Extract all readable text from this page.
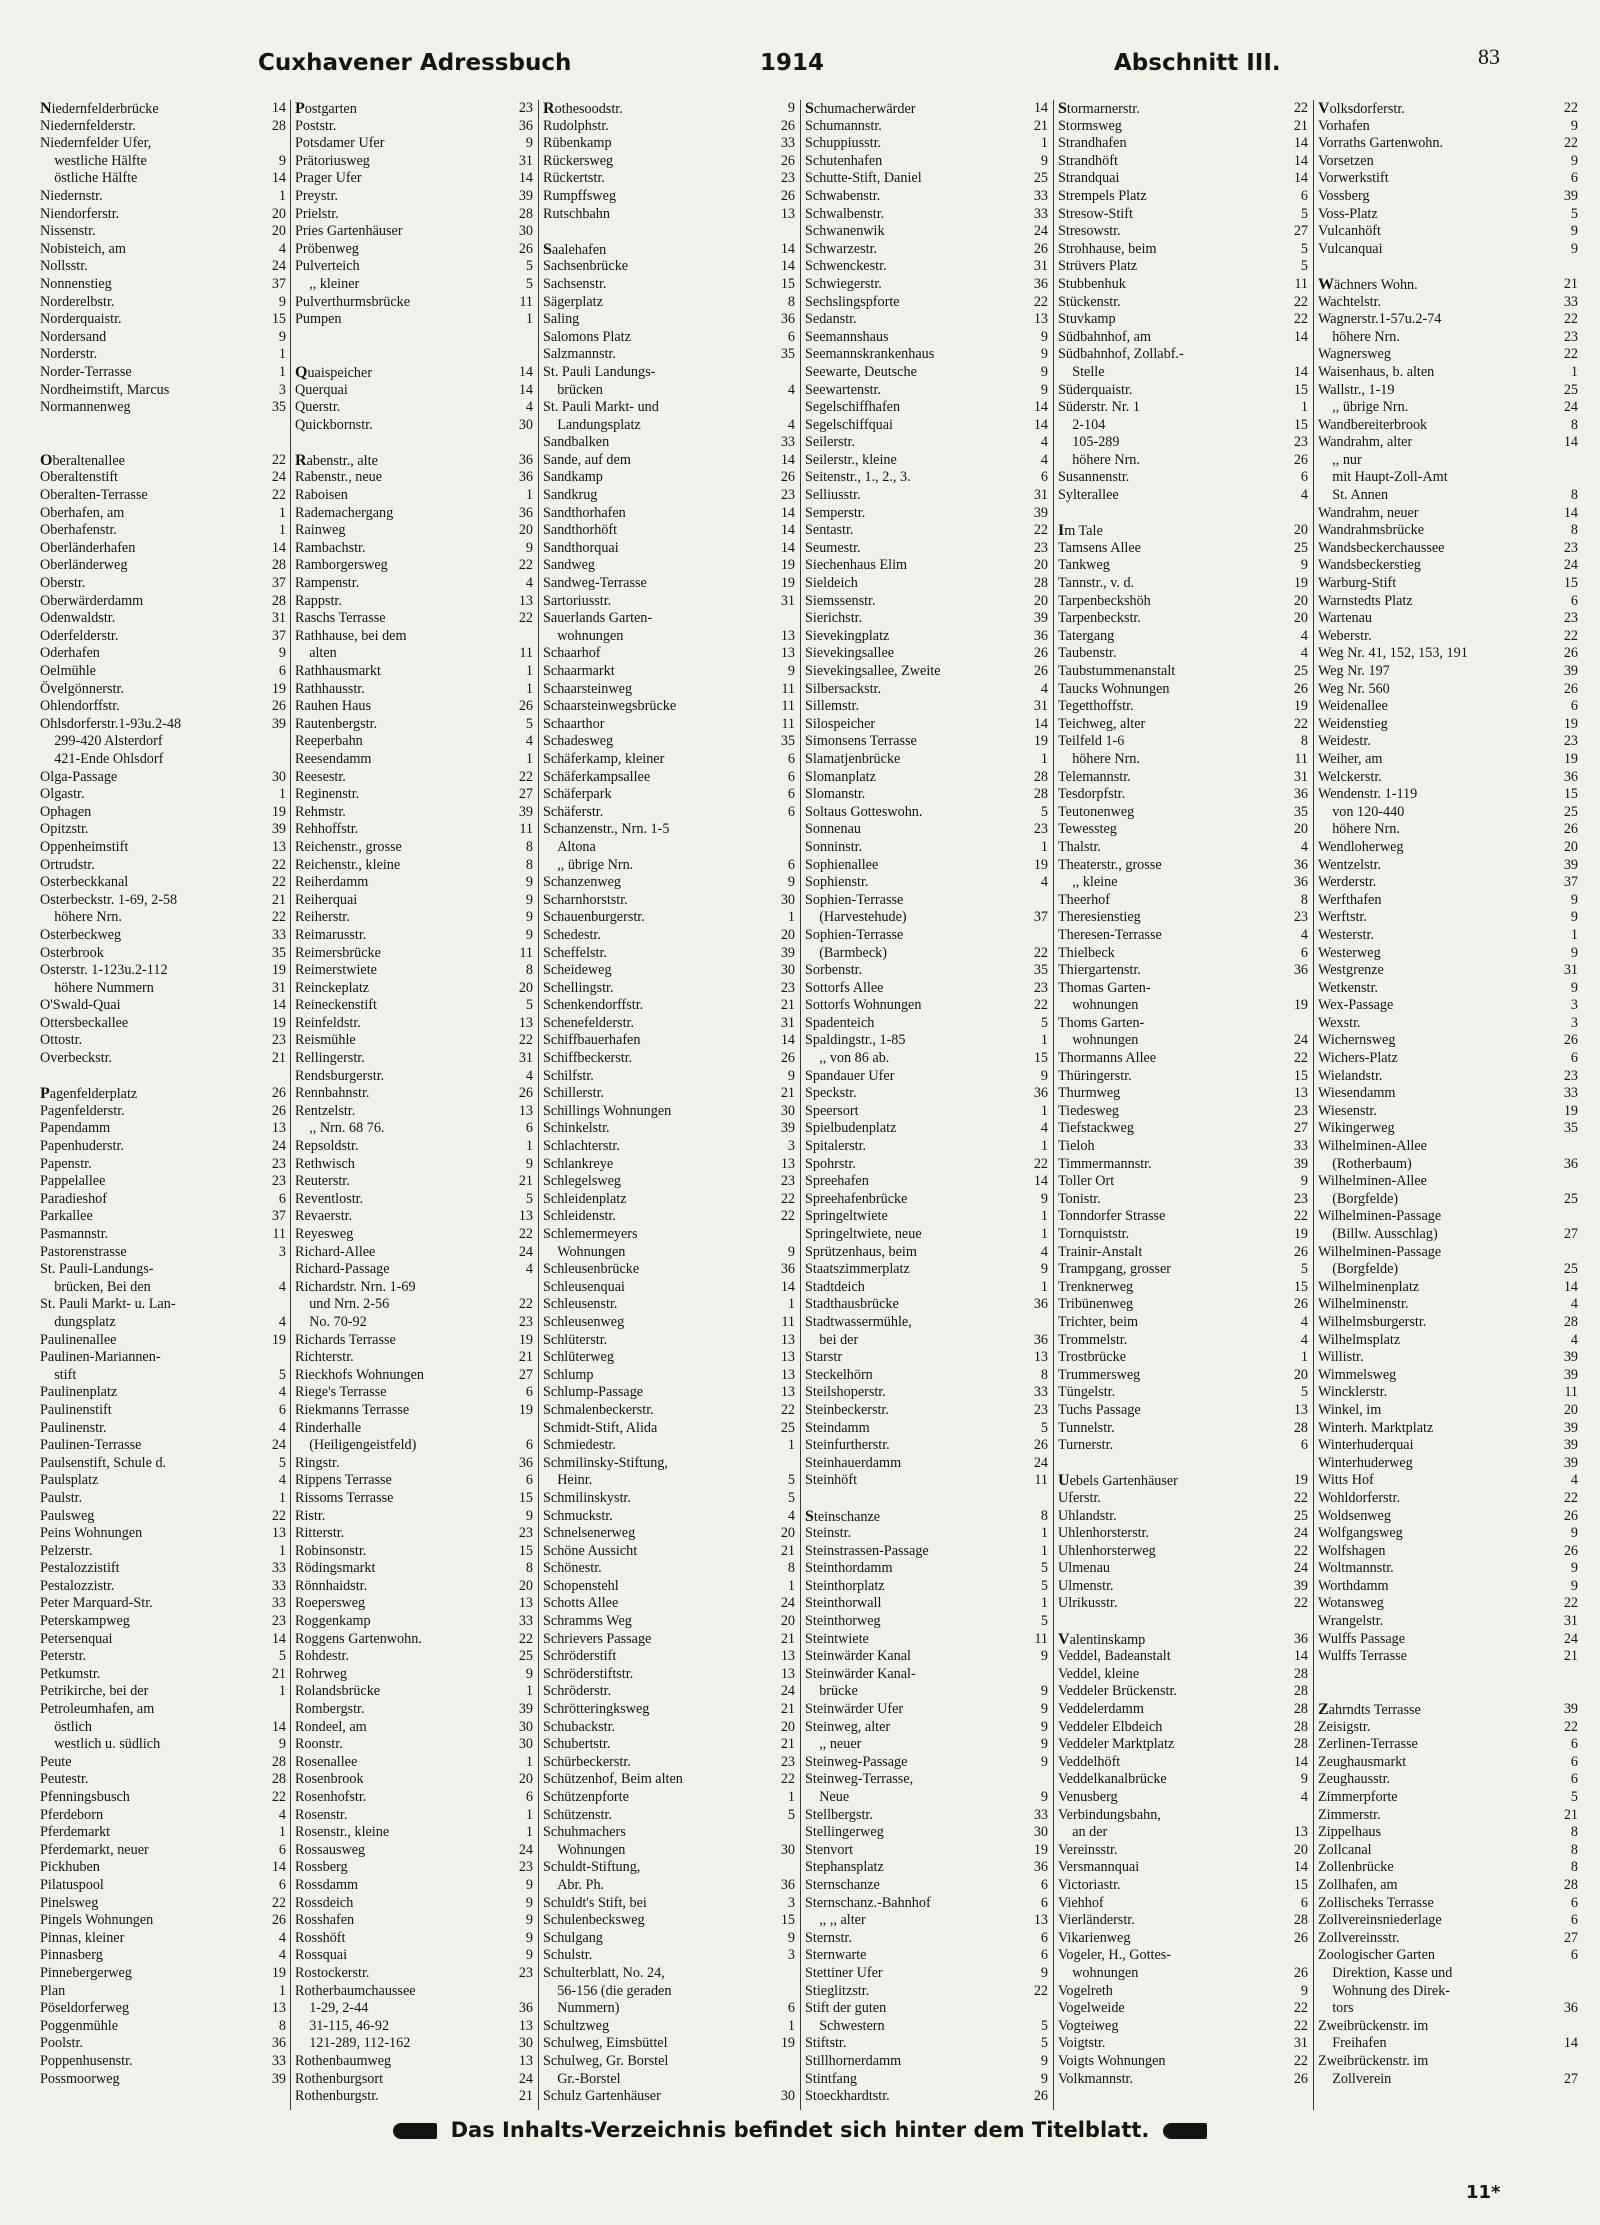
Cuxhavener Adressbuch	1914	Abschnitt III.	83
Niedernfelderbrücke	14
Niedernfelderstr.	28
Niedernfelder Ufer,
 westliche Hälfte	9
 östliche Hälfte	14
Niedernstr.	1
Niendorferstr.	20
Nissenstr.	20
Nobisteich, am	4
Nollsstr.	24
Nonnenstieg	37
Norderelbstr.	9
Norderquaistr.	15
Nordersand	9
Norderstr.	1
Norder-Terrasse	1
Nordheimstift, Marcus	3
Normannenweg	35
Oberaltenallee	22
Oberaltenstift	24
Oberalten-Terrasse	22
Oberhafen, am	1
Oberhafenstr.	1
Oberländerhafen	14
Oberländerweg	28
Oberstr.	37
Oberwärderdamm	28
Odenwaldstr.	31
Oderfelderstr.	37
Oderhafen	9
Oelmühle	6
Övelgönnerstr.	19
Ohlendorffstr.	26
Ohlsdorferstr.1-93u.2-48	39
 299-420 Alsterdorf
 421-Ende Ohlsdorf
Olga-Passage	30
Olgastr.	1
Ophagen	19
Opitzstr.	39
Oppenheimstift	13
Ortrudstr.	22
Osterbeckkanal	22
Osterbeckstr. 1-69, 2-58	21
 höhere Nrn.	22
Osterbeckweg	33
Osterbrook	35
Osterstr. 1-123u.2-112	19
 höhere Nummern	31
O'Swald-Quai	14
Ottersbeckallee	19
Ottostr.	23
Overbeckstr.	21
Pagenfelderplatz	26
Pagenfelderstr.	26
Papendamm	13
Papenhuderstr.	24
Papenstr.	23
Pappelallee	23
Paradieshof	6
Parkallee	37
Pasmannstr.	11
Pastorenstrasse	3
St. Pauli-Landungs-
 brücken, Bei den	4
St. Pauli Markt- u. Lan-
 dungsplatz	4
Paulinenallee	19
Paulinen-Mariannen-
 stift	5
Paulinenplatz	4
Paulinenstift	6
Paulinenstr.	4
Paulinen-Terrasse	24
Paulsenstift, Schule d.	5
Paulsplatz	4
Paulstr.	1
Paulsweg	22
Peins Wohnungen	13
Pelzerstr.	1
Pestalozzistift	33
Pestalozzistr.	33
Peter Marquard-Str.	33
Peterskampweg	23
Petersenquai	14
Peterstr.	5
Petkumstr.	21
Petrikirche, bei der	1
Petroleumhafen, am
 östlich	14
 westlich u. südlich	9
Peute	28
Peutestr.	28
Pfenningsbusch	22
Pferdeborn	4
Pferdemarkt	1
Pferdemarkt, neuer	6
Pickhuben	14
Pilatuspool	6
Pinelsweg	22
Pingels Wohnungen	26
Pinnas, kleiner	4
Pinnasberg	4
Pinnebergerweg	19
Plan	1
Pöseldorferweg	13
Poggenmühle	8
Poolstr.	36
Poppenhusenstr.	33
Possmoorweg	39
Postgarten	23
Poststr.	36
Potsdamer Ufer	9
Prätoriusweg	31
Prager Ufer	14
Preystr.	39
Prielstr.	28
Pries Gartenhäuser	30
Pröbenweg	26
Pulverteich	5
 ,, kleiner	5
Pulverthurmsbrücke	11
Pumpen	1
Quaispeicher	14
Querquai	14
Querstr.	4
Quickbornstr.	30
Rabenstr., alte	36
Rabenstr., neue	36
Raboisen	1
Rademachergang	36
Rainweg	20
Rambachstr.	9
Ramborgersweg	22
Rampenstr.	4
Rappstr.	13
Raschs Terrasse	22
Rathhause, bei dem
 alten	11
Rathhausmarkt	1
Rathhausstr.	1
Rauhen Haus	26
Rautenbergstr.	5
Reeperbahn	4
Reesendamm	1
Reesestr.	22
Reginenstr.	27
Rehmstr.	39
Rehhoffstr.	11
Reichenstr., grosse	8
Reichenstr., kleine	8
Reiherdamm	9
Reiherquai	9
Reiherstr.	9
Reimarusstr.	9
Reimersbrücke	11
Reimerstwiete	8
Reinckeplatz	20
Reineckenstift	5
Reinfeldstr.	13
Reismühle	22
Rellingerstr.	31
Rendsburgerstr.	4
Rennbahnstr.	26
Rentzelstr.	13
 ,, Nrn. 68 76.	6
Repsoldstr.	1
Rethwisch	9
Reuterstr.	21
Reventlostr.	5
Revaerstr.	13
Reyesweg	22
Richard-Allee	24
Richard-Passage	4
Richardstr. Nrn. 1-69
 und Nrn. 2-56	22
 No. 70-92	23
Richards Terrasse	19
Richterstr.	21
Rieckhofs Wohnungen	27
Riege's Terrasse	6
Riekmanns Terrasse	19
Rinderhalle
 (Heiligengeistfeld)	6
Ringstr.	36
Rippens Terrasse	6
Rissoms Terrasse	15
Ristr.	9
Ritterstr.	23
Robinsonstr.	15
Rödingsmarkt	8
Rönnhaidstr.	20
Roepersweg	13
Roggenkamp	33
Roggens Gartenwohn.	22
Rohdestr.	25
Rohrweg	9
Rolandsbrücke	1
Rombergstr.	39
Rondeel, am	30
Roonstr.	30
Rosenallee	1
Rosenbrook	20
Rosenhofstr.	6
Rosenstr.	1
Rosenstr., kleine	1
Rossausweg	24
Rossberg	23
Rossdamm	9
Rossdeich	9
Rosshafen	9
Rosshöft	9
Rossquai	9
Rostockerstr.	23
Rotherbaumchaussee
 1-29, 2-44	36
 31-115, 46-92	13
 121-289, 112-162	30
Rothenbaumweg	13
Rothenburgsort	24
Rothenburgstr.	21
Rothesoodstr.	9
Rudolphstr.	26
Rübenkamp	33
Rückersweg	26
Rückertstr.	23
Rumpffsweg	26
Rutschbahn	13
Saalehafen	14
Sachsenbrücke	14
Sachsenstr.	15
Sägerplatz	8
Saling	36
Salomons Platz	6
Salzmannstr.	35
St. Pauli Landungs-
 brücken	4
St. Pauli Markt- und
 Landungsplatz	4
Sandbalken	33
Sande, auf dem	14
Sandkamp	26
Sandkrug	23
Sandthorhafen	14
Sandthorhöft	14
Sandthorquai	14
Sandweg	19
Sandweg-Terrasse	19
Sartoriusstr.	31
Sauerlands Garten-
 wohnungen	13
Schaarhof	13
Schaarmarkt	9
Schaarsteinweg	11
Schaarsteinwegsbrücke	11
Schaarthor	11
Schadesweg	35
Schäferkamp, kleiner	6
Schäferkampsallee	6
Schäferpark	6
Schäferstr.	6
Schanzenstr., Nrn. 1-5
 Altona
 ,, übrige Nrn.	6
Schanzenweg	9
Scharnhorststr.	30
Schauenburgerstr.	1
Schedestr.	20
Scheffelstr.	39
Scheideweg	30
Schellingstr.	23
Schenkendorffstr.	21
Schenefelderstr.	31
Schiffbauerhafen	14
Schiffbeckerstr.	26
Schilfstr.	9
Schillerstr.	21
Schillings Wohnungen	30
Schinkelstr.	39
Schlachterstr.	3
Schlankreye	13
Schlegelsweg	23
Schleidenplatz	22
Schleidenstr.	22
Schlemermeyers
 Wohnungen	9
Schleusenbrücke	36
Schleusenquai	14
Schleusenstr.	1
Schleusenweg	11
Schlüterstr.	13
Schlüterweg	13
Schlump	13
Schlump-Passage	13
Schmalenbeckerstr.	22
Schmidt-Stift, Alida	25
Schmiedestr.	1
Schmilinsky-Stiftung,
 Heinr.	5
Schmilinskystr.	5
Schmuckstr.	4
Schnelsenerweg	20
Schöne Aussicht	21
Schönestr.	8
Schopenstehl	1
Schotts Allee	24
Schramms Weg	20
Schrievers Passage	21
Schröderstift	13
Schröderstiftstr.	13
Schröderstr.	24
Schrötteringksweg	21
Schubackstr.	20
Schubertstr.	21
Schürbeckerstr.	23
Schützenhof, Beim alten	22
Schützenpforte	1
Schützenstr.	5
Schuhmachers
 Wohnungen	30
Schuldt-Stiftung,
 Abr. Ph.	36
Schuldt's Stift, bei	3
Schulenbecksweg	15
Schulgang	9
Schulstr.	3
Schulterblatt, No. 24,
 56-156 (die geraden
 Nummern)	6
Schultzweg	1
Schulweg, Eimsbüttel	19
Schulweg, Gr. Borstel
 Gr.-Borstel
Schulz Gartenhäuser	30
Schumacherwärder	14
Schumannstr.	21
Schuppiusstr.	1
Schutenhafen	9
Schutte-Stift, Daniel	25
Schwabenstr.	33
Schwalbenstr.	33
Schwanenwik	24
Schwarzestr.	26
Schwenckestr.	31
Schwiegerstr.	36
Sechslingspforte	22
Sedanstr.	13
Seemannshaus	9
Seemannskrankenhaus	9
Seewarte, Deutsche	9
Seewartenstr.	9
Segelschiffhafen	14
Segelschiffquai	14
Seilerstr.	4
Seilerstr., kleine	4
Seitenstr., 1., 2., 3.	6
Selliusstr.	31
Semperstr.	39
Sentastr.	22
Seumestr.	23
Siechenhaus Elim	20
Sieldeich	28
Siemssenstr.	20
Sierichstr.	39
Sievekingplatz	36
Sievekingsallee	26
Sievekingsallee, Zweite	26
Silbersackstr.	4
Sillemstr.	31
Silospeicher	14
Simonsens Terrasse	19
Slamatjenbrücke	1
Slomanplatz	28
Slomanstr.	28
Soltaus Gotteswohn.	5
Sonnenau	23
Sonninstr.	1
Sophienallee	19
Sophienstr.	4
Sophien-Terrasse
 (Harvestehude)	37
Sophien-Terrasse
 (Barmbeck)	22
Sorbenstr.	35
Sottorfs Allee	23
Sottorfs Wohnungen	22
Spadenteich	5
Spaldingstr., 1-85	1
 ,, von 86 ab.	15
Spandauer Ufer	9
Speckstr.	36
Speersort	1
Spielbudenplatz	4
Spitalerstr.	1
Spohrstr.	22
Spreehafen	14
Spreehafenbrücke	9
Springeltwiete	1
Springeltwiete, neue	1
Sprützenhaus, beim	4
Staatszimmerplatz	9
Stadtdeich	1
Stadthausbrücke	36
Stadtwassermühle,
 bei der	36
Starstr	13
Steckelhörn	8
Steilshoperstr.	33
Steinbeckerstr.	23
Steindamm	5
Steinfurtherstr.	26
Steinhauerdamm	24
Steinhöft	11
Steinschanze	8
Steinstr.	1
Steinstrassen-Passage	1
Steinthordamm	5
Steinthorplatz	5
Steinthorwall	1
Steinthorweg	5
Steintwiete	11
Steinwärder Kanal	9
Steinwärder Kanal-
 brücke	9
Steinwärder Ufer	9
Steinweg, alter	9
 ,, neuer	9
Steinweg-Passage	9
Steinweg-Terrasse,
 Neue	9
Stellbergstr.	33
Stellingerweg	30
Stenvort	19
Stephansplatz	36
Sternschanze	6
Sternschanz.-Bahnhof	6
 ,, ,, alter	13
Sternstr.	6
Sternwarte	6
Stettiner Ufer	9
Stieglitzstr.	22
Stift der guten
 Schwestern	5
Stiftstr.	5
Stillhornerdamm	9
Stintfang	9
Stoeckhardtstr.	26
Stormarnerstr.	22
Stormsweg	21
Strandhafen	14
Strandhöft	14
Strandquai	14
Strempels Platz	6
Stresow-Stift	5
Stresowstr.	27
Strohhause, beim	5
Strüvers Platz	5
Stubbenhuk	11
Stückenstr.	22
Stuvkamp	22
Südbahnhof, am	14
Südbahnhof, Zollabf.-
 Stelle	14
Süderquaistr.	15
Süderstr. Nr. 1	1
 2-104	15
 105-289	23
 höhere Nrn.	26
Susannenstr.	6
Sylterallee	4
Im Tale	20
Tamsens Allee	25
Tankweg	9
Tannstr., v. d.	19
Tarpenbeckshöh	20
Tarpenbeckstr.	20
Tatergang	4
Taubenstr.	4
Taubstummenanstalt	25
Taucks Wohnungen	26
Tegetthoffstr.	19
Teichweg, alter	22
Teilfeld 1-6	8
 höhere Nrn.	11
Telemannstr.	31
Tesdorpfstr.	36
Teutonenweg	35
Tewessteg	20
Thalstr.	4
Theaterstr., grosse	36
 ,, kleine	36
Theerhof	8
Theresienstieg	23
Theresen-Terrasse	4
Thielbeck	6
Thiergartenstr.	36
Thomas Garten-
 wohnungen	19
Thoms Garten-
 wohnungen	24
Thormanns Allee	22
Thüringerstr.	15
Thurmweg	13
Tiedesweg	23
Tiefstackweg	27
Tieloh	33
Timmermannstr.	39
Toller Ort	9
Tonistr.	23
Tonndorfer Strasse	22
Tornquiststr.	19
Trainir-Anstalt	26
Trampgang, grosser	5
Trenknerweg	15
Tribünenweg	26
Trichter, beim	4
Trommelstr.	4
Trostbrücke	1
Trummersweg	20
Tüngelstr.	5
Tuchs Passage	13
Tunnelstr.	28
Turnerstr.	6
Uebels Gartenhäuser	19
Uferstr.	22
Uhlandstr.	25
Uhlenhorsterstr.	24
Uhlenhorsterweg	22
Ulmenau	24
Ulmenstr.	39
Ulrikusstr.	22
Valentinskamp	36
Veddel, Badeanstalt	14
Veddel, kleine	28
Veddeler Brückenstr.	28
Veddelerdamm	28
Veddeler Elbdeich	28
Veddeler Marktplatz	28
Veddelhöft	14
Veddelkanalbrücke	9
Venusberg	4
Verbindungsbahn,
 an der	13
Vereinsstr.	20
Versmannquai	14
Victoriastr.	15
Viehhof	6
Vierländerstr.	28
Vikarienweg	26
Vogeler, H., Gottes-
 wohnungen	26
Vogelreth	9
Vogelweide	22
Vogteiweg	22
Voigtstr.	31
Voigts Wohnungen	22
Volkmannstr.	26
Volksdorferstr.	22
Vorhafen	9
Vorraths Gartenwohn.	22
Vorsetzen	9
Vorwerkstift	6
Vossberg	39
Voss-Platz	5
Vulcanhöft	9
Vulcanquai	9
Wächners Wohn.	21
Wachtelstr.	33
Wagnerstr.1-57u.2-74	22
 höhere Nrn.	23
Wagnersweg	22
Waisenhaus, b. alten	1
Wallstr., 1-19	25
 ,, übrige Nrn.	24
Wandbereiterbrook	8
Wandrahm, alter	14
 ,, nur
 mit Haupt-Zoll-Amt
 St. Annen	8
Wandrahm, neuer	14
Wandrahmsbrücke	8
Wandsbeckerchaussee	23
Wandsbeckerstieg	24
Warburg-Stift	15
Warnstedts Platz	6
Wartenau	23
Weberstr.	22
Weg Nr. 41, 152, 153, 191	26
Weg Nr. 197	39
Weg Nr. 560	26
Weidenallee	6
Weidenstieg	19
Weidestr.	23
Weiher, am	19
Welckerstr.	36
Wendenstr. 1-119	15
 von 120-440	25
 höhere Nrn.	26
Wendloherweg	20
Wentzelstr.	39
Werderstr.	37
Werfthafen	9
Werftstr.	9
Westerstr.	1
Westerweg	9
Westgrenze	31
Wetkenstr.	9
Wex-Passage	3
Wexstr.	3
Wichernsweg	26
Wichers-Platz	6
Wielandstr.	23
Wiesendamm	33
Wiesenstr.	19
Wikingerweg	35
Wilhelminen-Allee
 (Rotherbaum)	36
Wilhelminen-Allee
 (Borgfelde)	25
Wilhelminen-Passage
 (Billw. Ausschlag)	27
Wilhelminen-Passage
 (Borgfelde)	25
Wilhelminenplatz	14
Wilhelminenstr.	4
Wilhelmsburgerstr.	28
Wilhelmsplatz	4
Willistr.	39
Wimmelsweg	39
Wincklerstr.	11
Winkel, im	20
Winterh. Marktplatz	39
Winterhuderquai	39
Winterhuderweg	39
Witts Hof	4
Wohldorferstr.	22
Woldsenweg	26
Wolfgangsweg	9
Wolfshagen	26
Woltmannstr.	9
Worthdamm	9
Wotansweg	22
Wrangelstr.	31
Wulffs Passage	24
Wulffs Terrasse	21
Zahrndts Terrasse	39
Zeisigstr.	22
Zerlinen-Terrasse	6
Zeughausmarkt	6
Zeughausstr.	6
Zimmerpforte	5
Zimmerstr.	21
Zippelhaus	8
Zollcanal	8
Zollenbrücke	8
Zollhafen, am	28
Zollischeks Terrasse	6
Zollvereinsniederlage	6
Zollvereinsstr.	27
Zoologischer Garten	6
 Direktion, Kasse und
 Wohnung des Direk-
 tors	36
Zweibrückenstr. im
 Freihafen	14
Zweibrückenstr. im
 Zollverein	27
Das Inhalts-Verzeichnis befindet sich hinter dem Titelblatt.
11*
